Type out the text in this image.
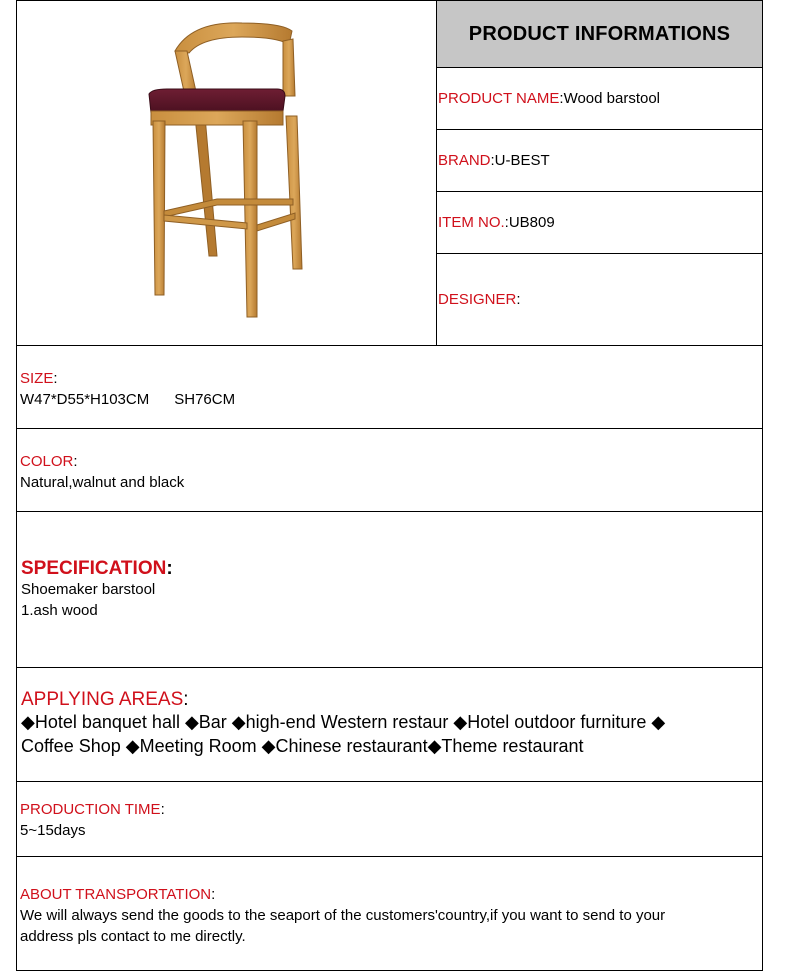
PRODUCT INFORMATIONS
PRODUCT NAME:Wood barstool
BRAND:U-BEST
ITEM NO.:UB809
DESIGNER:
SIZE:
W47*D55*H103CM      SH76CM
COLOR:
Natural,walnut and black
SPECIFICATION:
Shoemaker barstool
1.ash wood
APPLYING AREAS:
◆Hotel banquet hall ◆Bar ◆high-end Western restaur ◆Hotel outdoor furniture ◆
Coffee Shop ◆Meeting Room ◆Chinese restaurant◆Theme restaurant
PRODUCTION TIME:
5~15days
ABOUT TRANSPORTATION:
We will always send the goods to the seaport of the customers'country,if you want to send to your
address pls contact to me directly.
